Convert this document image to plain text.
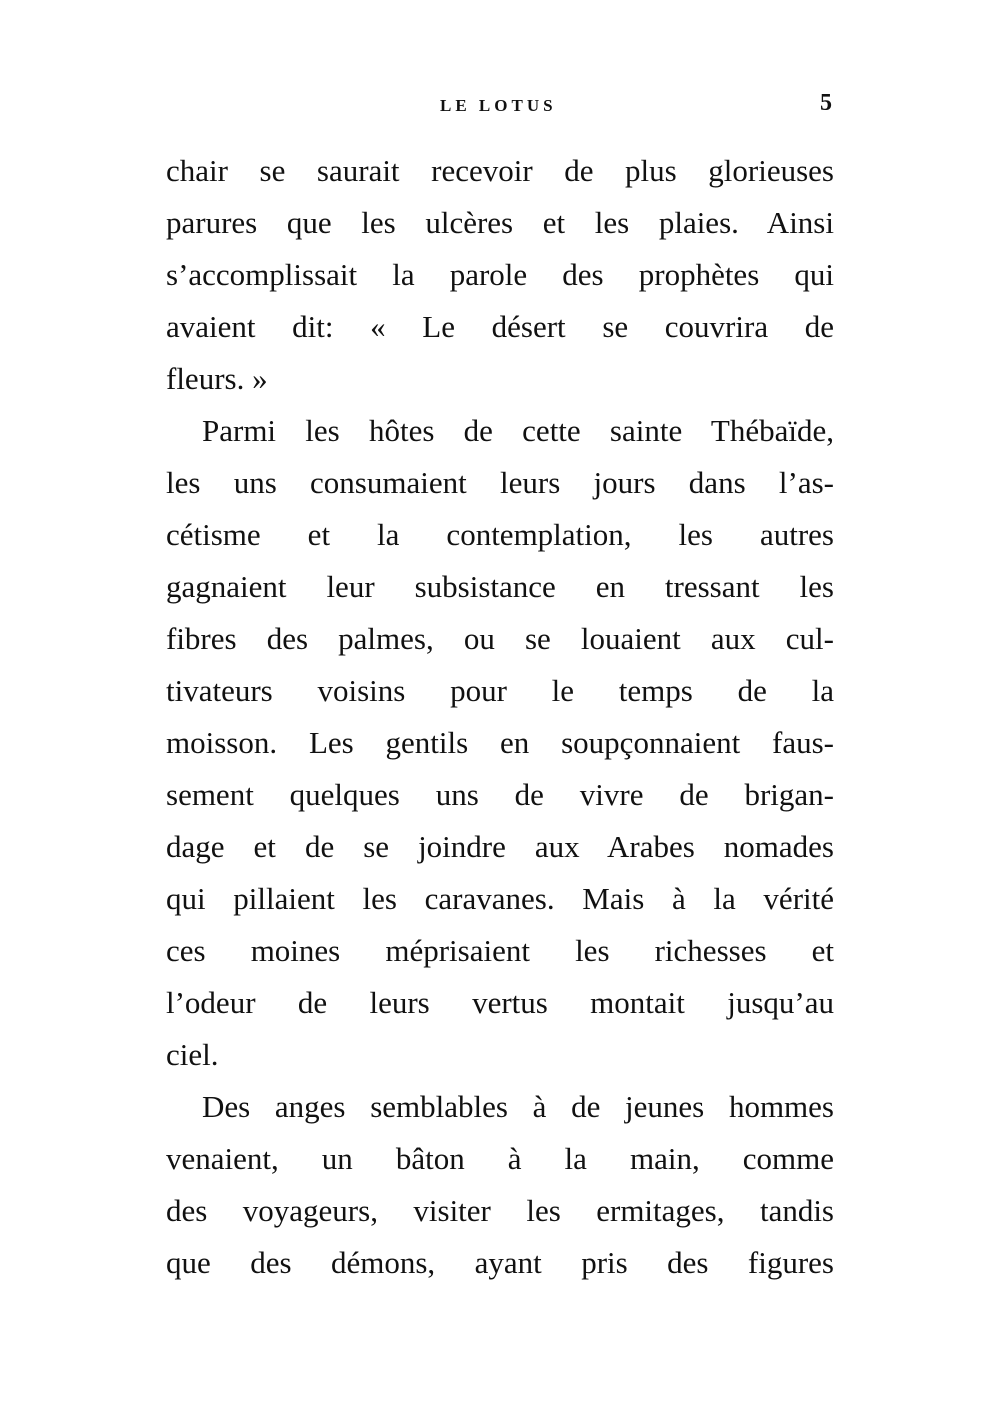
LE LOTUS	5
chair se saurait recevoir de plus glorieuses
parures que les ulcères et les plaies. Ainsi
s’accomplissait la parole des prophètes qui
avaient dit: « Le désert se couvrira de
fleurs. »
Parmi les hôtes de cette sainte Thébaïde,
les uns consumaient leurs jours dans l’as-
cétisme et la contemplation, les autres
gagnaient leur subsistance en tressant les
fibres des palmes, ou se louaient aux cul-
tivateurs voisins pour le temps de la
moisson. Les gentils en soupçonnaient faus-
sement quelques uns de vivre de brigan-
dage et de se joindre aux Arabes nomades
qui pillaient les caravanes. Mais à la vérité
ces moines méprisaient les richesses et
l’odeur de leurs vertus montait jusqu’au
ciel.
Des anges semblables à de jeunes hommes
venaient, un bâton à la main, comme
des voyageurs, visiter les ermitages, tandis
que des démons, ayant pris des figures
